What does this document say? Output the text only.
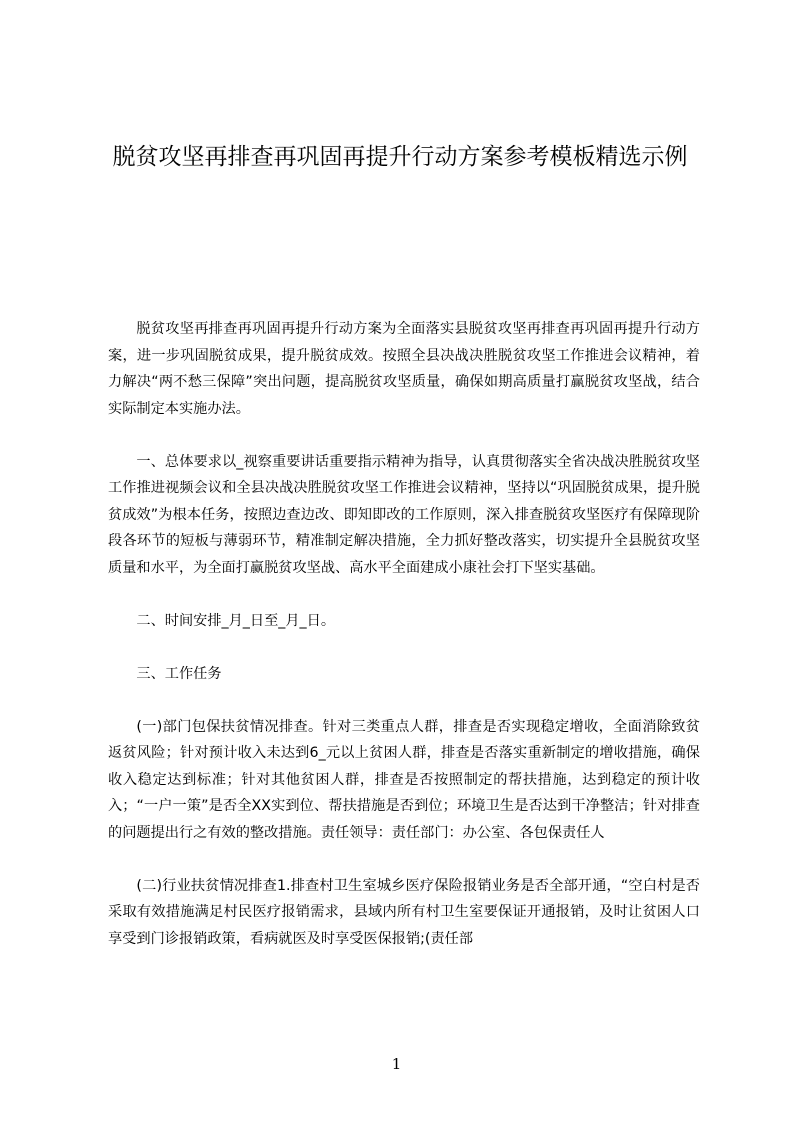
脱贫攻坚再排查再巩固再提升行动方案参考模板精选示例

脱贫攻坚再排查再巩固再提升行动方案为全面落实县脱贫攻坚再排查再巩固再提升行动方案，进一步巩固脱贫成果，提升脱贫成效。按照全县决战决胜脱贫攻坚工作推进会议精神，着力解决“两不愁三保障”突出问题，提高脱贫攻坚质量，确保如期高质量打赢脱贫攻坚战，结合实际制定本实施办法。

一、总体要求以_视察重要讲话重要指示精神为指导，认真贯彻落实全省决战决胜脱贫攻坚工作推进视频会议和全县决战决胜脱贫攻坚工作推进会议精神，坚持以“巩固脱贫成果，提升脱贫成效”为根本任务，按照边查边改、即知即改的工作原则，深入排查脱贫攻坚医疗有保障现阶段各环节的短板与薄弱环节，精准制定解决措施，全力抓好整改落实，切实提升全县脱贫攻坚质量和水平，为全面打赢脱贫攻坚战、高水平全面建成小康社会打下坚实基础。

二、时间安排_月_日至_月_日。

三、工作任务

(一)部门包保扶贫情况排查。针对三类重点人群，排查是否实现稳定增收，全面消除致贫返贫风险；针对预计收入未达到6_元以上贫困人群，排查是否落实重新制定的增收措施，确保收入稳定达到标准；针对其他贫困人群，排查是否按照制定的帮扶措施，达到稳定的预计收入；“一户一策”是否全XX实到位、帮扶措施是否到位；环境卫生是否达到干净整洁；针对排查的问题提出行之有效的整改措施。责任领导：责任部门：办公室、各包保责任人

(二)行业扶贫情况排查1.排查村卫生室城乡医疗保险报销业务是否全部开通，“空白村是否采取有效措施满足村民医疗报销需求，县域内所有村卫生室要保证开通报销，及时让贫困人口享受到门诊报销政策，看病就医及时享受医保报销;(责任部

1
